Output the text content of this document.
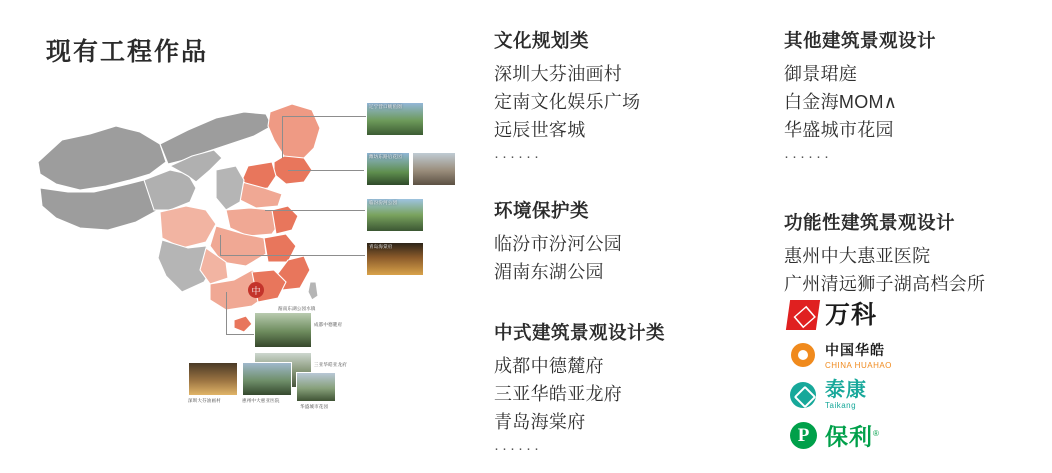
现有工程作品
中
辽宁营口鲅鱼圈
潍坊东路后花园
临汾汾河公园
青岛海棠府
成都中德麓府
三亚华皓亚龙府
深圳大芬油画村	惠州中大惠亚医院
华盛城市花园
湄南东湖公园水镇
文化规划类
深圳大芬油画村
定南文化娱乐广场
远辰世客城
······
环境保护类
临汾市汾河公园
湄南东湖公园
中式建筑景观设计类
成都中德麓府
三亚华皓亚龙府
青岛海棠府
······
其他建筑景观设计
御景珺庭
白金海MOM∧
华盛城市花园
······
功能性建筑景观设计
惠州中大惠亚医院
广州清远狮子湖高档会所
万科
中国华皓
CHINA HUAHAO
泰康
Taikang
P 保利®
